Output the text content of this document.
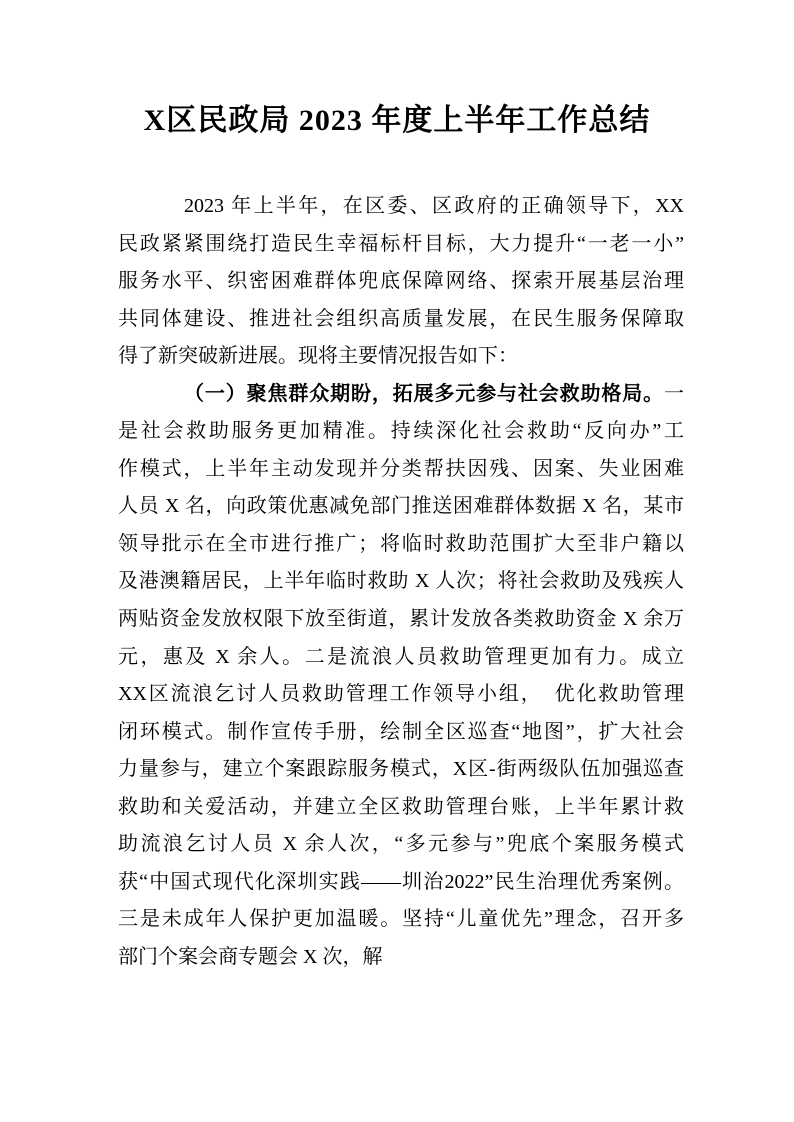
X区民政局 2023 年度上半年工作总结
2023 年上半年，在区委、区政府的正确领导下，XX
民政紧紧围绕打造民生幸福标杆目标，大力提升“一老一小”
服务水平、织密困难群体兜底保障网络、探索开展基层治理
共同体建设、推进社会组织高质量发展，在民生服务保障取
得了新突破新进展。现将主要情况报告如下：
（一）聚焦群众期盼，拓展多元参与社会救助格局。一
是社会救助服务更加精准。持续深化社会救助“反向办”工
作模式，上半年主动发现并分类帮扶因残、因案、失业困难
人员 X 名，向政策优惠减免部门推送困难群体数据 X 名，某市
领导批示在全市进行推广；将临时救助范围扩大至非户籍以
及港澳籍居民，上半年临时救助 X 人次；将社会救助及残疾人
两贴资金发放权限下放至街道，累计发放各类救助资金 X 余万
元，惠及 X 余人。二是流浪人员救助管理更加有力。成立
XX区流浪乞讨人员救助管理工作领导小组，　优化救助管理
闭环模式。制作宣传手册，绘制全区巡查“地图”，扩大社会
力量参与，建立个案跟踪服务模式，X区-街两级队伍加强巡查
救助和关爱活动，并建立全区救助管理台账，上半年累计救
助流浪乞讨人员 X 余人次，“多元参与”兜底个案服务模式
获“中国式现代化深圳实践——圳治2022”民生治理优秀案例。
三是未成年人保护更加温暖。坚持“儿童优先”理念，召开多
部门个案会商专题会 X 次，解
